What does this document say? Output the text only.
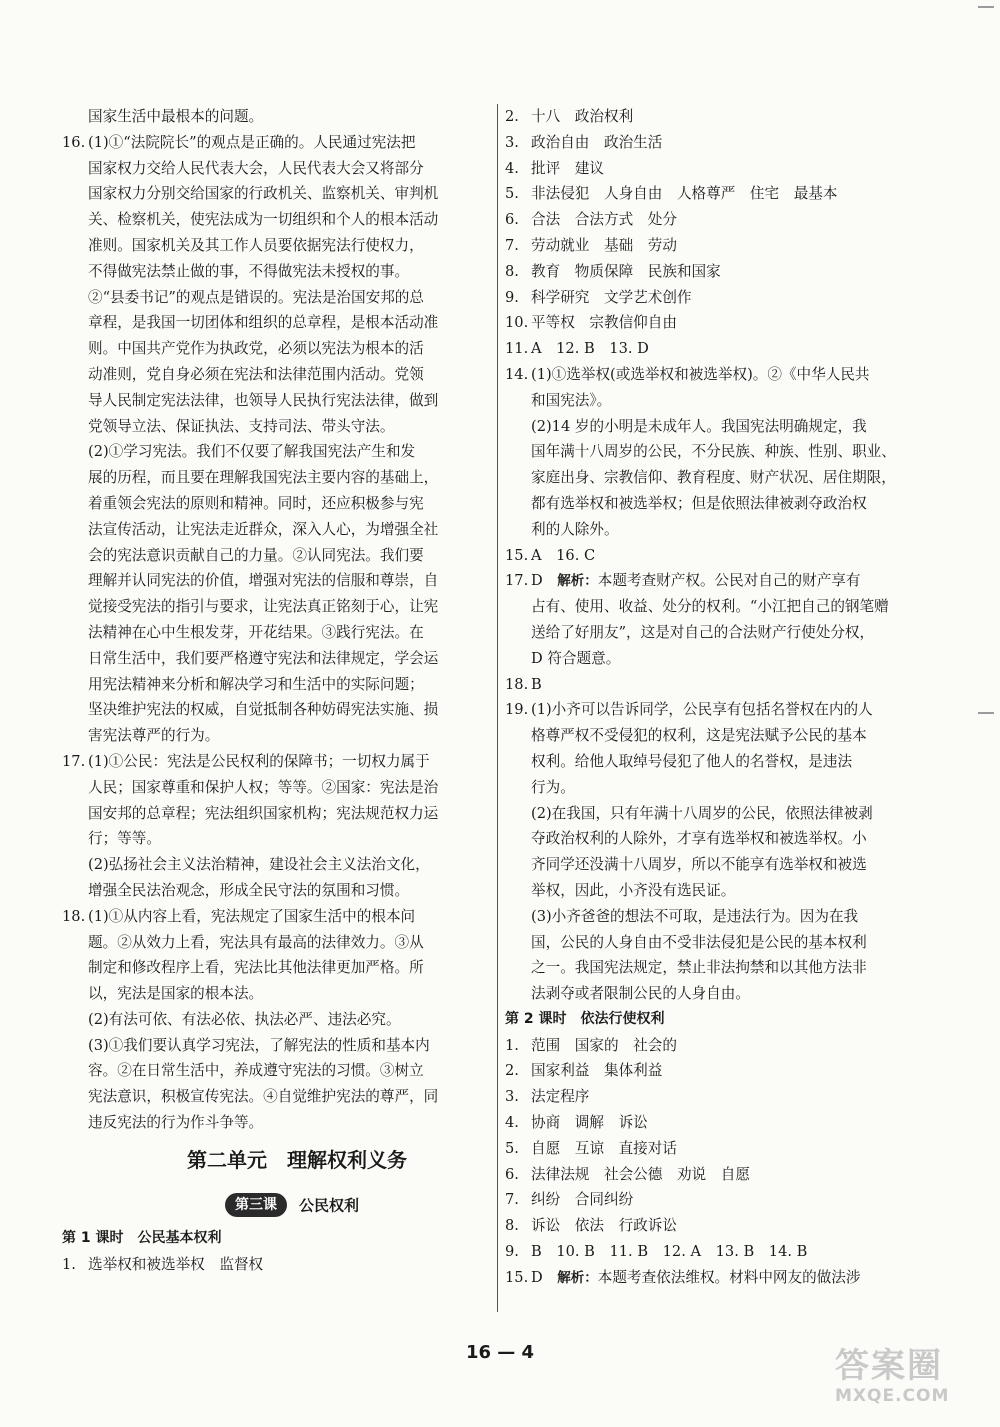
国家生活中最根本的问题。
16. (1)①“法院院长”的观点是正确的。人民通过宪法把
国家权力交给人民代表大会，人民代表大会又将部分
国家权力分别交给国家的行政机关、监察机关、审判机
关、检察机关，使宪法成为一切组织和个人的根本活动
准则。国家机关及其工作人员要依据宪法行使权力，
不得做宪法禁止做的事，不得做宪法未授权的事。
②“县委书记”的观点是错误的。宪法是治国安邦的总
章程，是我国一切团体和组织的总章程，是根本活动准
则。中国共产党作为执政党，必须以宪法为根本的活
动准则，党自身必须在宪法和法律范围内活动。党领
导人民制定宪法法律，也领导人民执行宪法法律，做到
党领导立法、保证执法、支持司法、带头守法。
(2)①学习宪法。我们不仅要了解我国宪法产生和发
展的历程，而且要在理解我国宪法主要内容的基础上，
着重领会宪法的原则和精神。同时，还应积极参与宪
法宣传活动，让宪法走近群众，深入人心，为增强全社
会的宪法意识贡献自己的力量。②认同宪法。我们要
理解并认同宪法的价值，增强对宪法的信服和尊崇，自
觉接受宪法的指引与要求，让宪法真正铭刻于心，让宪
法精神在心中生根发芽，开花结果。③践行宪法。在
日常生活中，我们要严格遵守宪法和法律规定，学会运
用宪法精神来分析和解决学习和生活中的实际问题；
坚决维护宪法的权威，自觉抵制各种妨碍宪法实施、损
害宪法尊严的行为。
17. (1)①公民：宪法是公民权利的保障书；一切权力属于
人民；国家尊重和保护人权；等等。②国家：宪法是治
国安邦的总章程；宪法组织国家机构；宪法规范权力运
行；等等。
(2)弘扬社会主义法治精神，建设社会主义法治文化，
增强全民法治观念，形成全民守法的氛围和习惯。
18. (1)①从内容上看，宪法规定了国家生活中的根本问
题。②从效力上看，宪法具有最高的法律效力。③从
制定和修改程序上看，宪法比其他法律更加严格。所
以，宪法是国家的根本法。
(2)有法可依、有法必依、执法必严、违法必究。
(3)①我们要认真学习宪法，了解宪法的性质和基本内
容。②在日常生活中，养成遵守宪法的习惯。③树立
宪法意识，积极宣传宪法。④自觉维护宪法的尊严，同
违反宪法的行为作斗争等。
第二单元　理解权利义务
第三课 公民权利
第 1 课时　公民基本权利
1. 选举权和被选举权　监督权
2. 十八　政治权利
3. 政治自由　政治生活
4. 批评　建议
5. 非法侵犯　人身自由　人格尊严　住宅　最基本
6. 合法　合法方式　处分
7. 劳动就业　基础　劳动
8. 教育　物质保障　民族和国家
9. 科学研究　文学艺术创作
10. 平等权　宗教信仰自由
11. A　12. B　13. D
14. (1)①选举权(或选举权和被选举权)。②《中华人民共
和国宪法》。
(2)14 岁的小明是未成年人。我国宪法明确规定，我
国年满十八周岁的公民，不分民族、种族、性别、职业、
家庭出身、宗教信仰、教育程度、财产状况、居住期限，
都有选举权和被选举权；但是依照法律被剥夺政治权
利的人除外。
15. A　16. C
17. D　解析：本题考查财产权。公民对自己的财产享有
占有、使用、收益、处分的权利。“小江把自己的钢笔赠
送给了好朋友”，这是对自己的合法财产行使处分权，
D 符合题意。
18. B
19. (1)小齐可以告诉同学，公民享有包括名誉权在内的人
格尊严权不受侵犯的权利，这是宪法赋予公民的基本
权利。给他人取绰号侵犯了他人的名誉权，是违法
行为。
(2)在我国，只有年满十八周岁的公民，依照法律被剥
夺政治权利的人除外，才享有选举权和被选举权。小
齐同学还没满十八周岁，所以不能享有选举权和被选
举权，因此，小齐没有选民证。
(3)小齐爸爸的想法不可取，是违法行为。因为在我
国，公民的人身自由不受非法侵犯是公民的基本权利
之一。我国宪法规定，禁止非法拘禁和以其他方法非
法剥夺或者限制公民的人身自由。
第 2 课时　依法行使权利
1. 范围　国家的　社会的
2. 国家利益　集体利益
3. 法定程序
4. 协商　调解　诉讼
5. 自愿　互谅　直接对话
6. 法律法规　社会公德　劝说　自愿
7. 纠纷　合同纠纷
8. 诉讼　依法　行政诉讼
9. B　10. B　11. B　12. A　13. B　14. B
15. D　解析：本题考查依法维权。材料中网友的做法涉
16 — 4	答案圈
MXQE.COM
